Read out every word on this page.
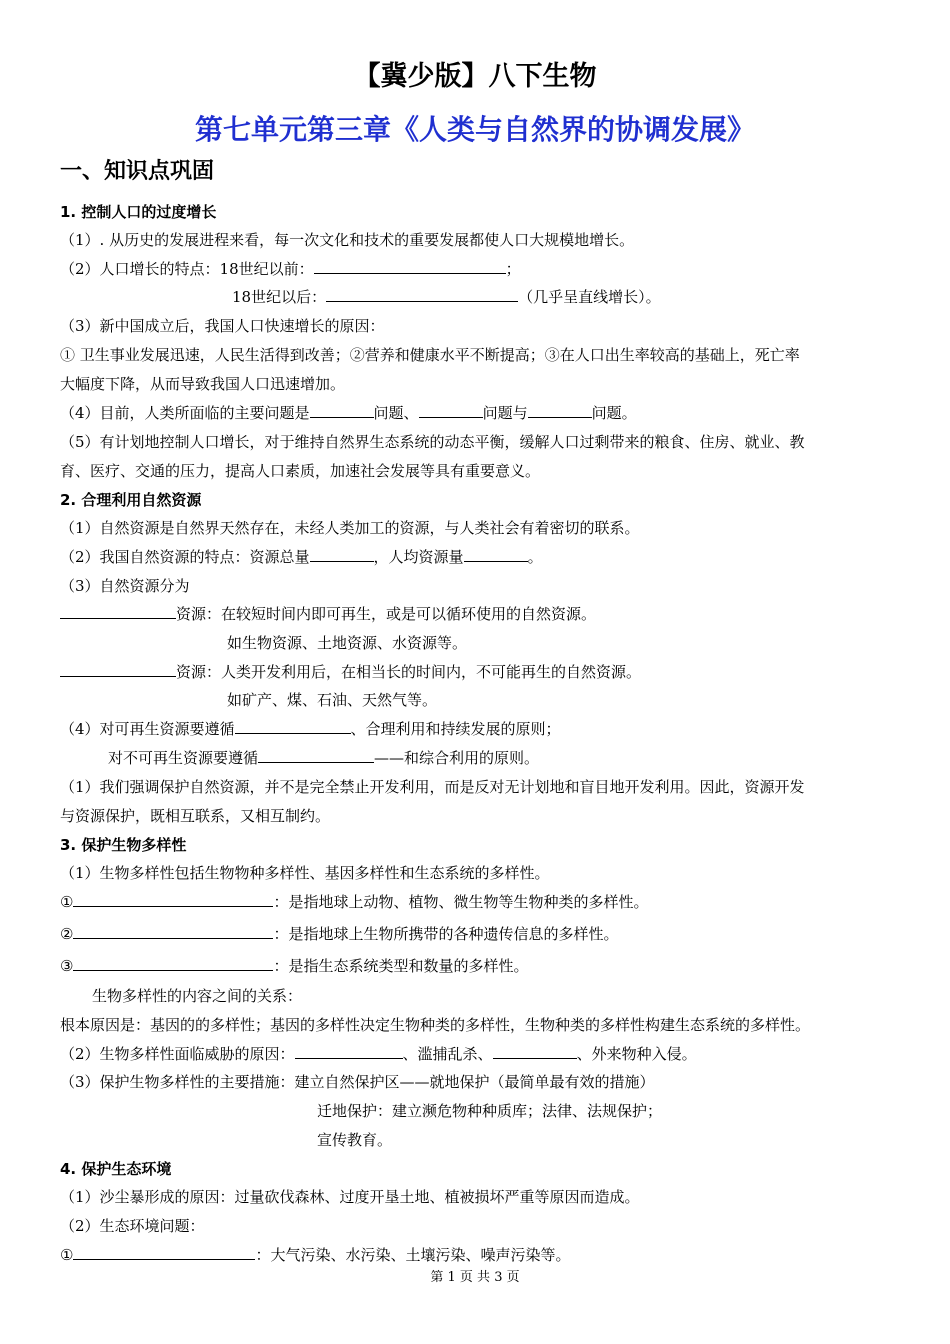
【冀少版】八下生物
第七单元第三章《人类与自然界的协调发展》
一、知识点巩固
1. 控制人口的过度增长
（1）. 从历史的发展进程来看，每一次文化和技术的重要发展都使人口大规模地增长。
（2）人口增长的特点：18世纪以前：	；
18世纪以后：	（几乎呈直线增长）。
（3）新中国成立后，我国人口快速增长的原因：
① 卫生事业发展迅速，人民生活得到改善；②营养和健康水平不断提高；③在人口出生率较高的基础上，死亡率
大幅度下降，从而导致我国人口迅速增加。
（4）目前，人类所面临的主要问题是	问题、	问题与	问题。
（5）有计划地控制人口增长，对于维持自然界生态系统的动态平衡，缓解人口过剩带来的粮食、住房、就业、教
育、医疗、交通的压力，提高人口素质，加速社会发展等具有重要意义。
2. 合理利用自然资源
（1）自然资源是自然界天然存在，未经人类加工的资源，与人类社会有着密切的联系。
（2）我国自然资源的特点：资源总量	，人均资源量	。
（3）自然资源分为
资源：在较短时间内即可再生，或是可以循环使用的自然资源。
如生物资源、土地资源、水资源等。
资源：人类开发利用后，在相当长的时间内，不可能再生的自然资源。
如矿产、煤、石油、天然气等。
（4）对可再生资源要遵循	、合理利用和持续发展的原则；
对不可再生资源要遵循	——和综合利用的原则。
（1）我们强调保护自然资源，并不是完全禁止开发利用，而是反对无计划地和盲目地开发利用。因此，资源开发
与资源保护，既相互联系，又相互制约。
3. 保护生物多样性
（1）生物多样性包括生物物种多样性、基因多样性和生态系统的多样性。
①	：是指地球上动物、植物、微生物等生物种类的多样性。
②	：是指地球上生物所携带的各种遗传信息的多样性。
③	：是指生态系统类型和数量的多样性。
生物多样性的内容之间的关系：
根本原因是：基因的的多样性；基因的多样性决定生物种类的多样性，生物种类的多样性构建生态系统的多样性。
（2）生物多样性面临威胁的原因：	、滥捕乱杀、	、外来物种入侵。
（3）保护生物多样性的主要措施：建立自然保护区——就地保护（最简单最有效的措施）
迁地保护：建立濒危物种种质库；法律、法规保护；
宣传教育。
4. 保护生态环境
（1）沙尘暴形成的原因：过量砍伐森林、过度开垦土地、植被损坏严重等原因而造成。
（2）生态环境问题：
①	：大气污染、水污染、土壤污染、噪声污染等。
第 1 页 共 3 页
